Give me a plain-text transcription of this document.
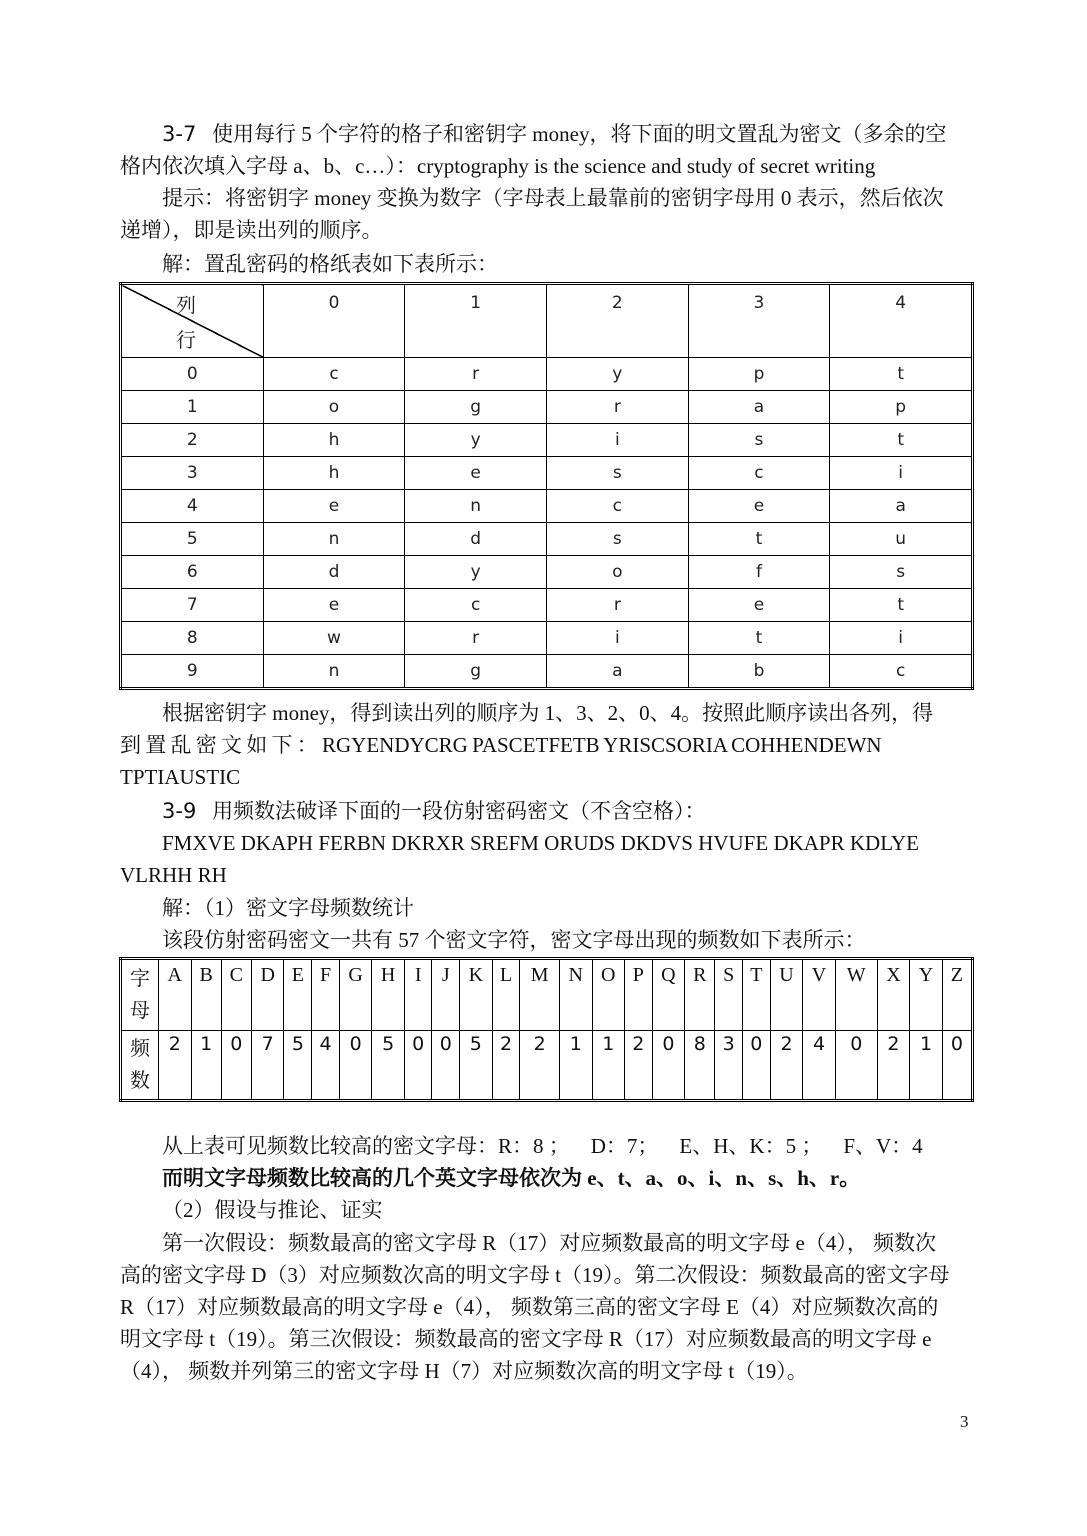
3-7 使用每行 5 个字符的格子和密钥字 money，将下面的明文置乱为密文（多余的空
格内依次填入字母 a、b、c…）：cryptography is the science and study of secret writing

提示：将密钥字 money 变换为数字（字母表上最靠前的密钥字母用 0 表示，然后依次
递增），即是读出列的顺序。

解：置乱密码的格纸表如下表所示：

列
行	0	1	2	3	4
0	c	r	y	p	t
1	o	g	r	a	p
2	h	y	i	s	t
3	h	e	s	c	i
4	e	n	c	e	a
5	n	d	s	t	u
6	d	y	o	f	s
7	e	c	r	e	t
8	w	r	i	t	i
9	n	g	a	b	c

根据密钥字 money，得到读出列的顺序为 1、3、2、0、4。按照此顺序读出各列，得
到 置 乱 密 文 如 下 ： RGYENDYCRG PASCETFETB YRISCSORIA COHHENDEWN
TPTIAUSTIC

3-9 用频数法破译下面的一段仿射密码密文（不含空格）：
FMXVE DKAPH FERBN DKRXR SREFM ORUDS DKDVS HVUFE DKAPR KDLYE
VLRHH RH

解：（1）密文字母频数统计

该段仿射密码密文一共有 57 个密文字符，密文字母出现的频数如下表所示：

字
母	A	B	C	D	E	F	G	H	I	J	K	L	M	N	O	P	Q	R	S	T	U	V	W	X	Y	Z
频
数	2	1	0	7	5	4	0	5	0	0	5	2	2	1	1	2	0	8	3	0	2	4	0	2	1	0

从上表可见频数比较高的密文字母：R：8 ；    D：7；    E、H、K：5 ；    F、V：4
而明文字母频数比较高的几个英文字母依次为 e、t、a、o、i、n、s、h、r。

（2）假设与推论、证实

第一次假设：频数最高的密文字母 R（17）对应频数最高的明文字母 e（4）， 频数次
高的密文字母 D（3）对应频数次高的明文字母 t（19）。第二次假设：频数最高的密文字母
R（17）对应频数最高的明文字母 e（4）， 频数第三高的密文字母 E（4）对应频数次高的
明文字母 t（19）。第三次假设：频数最高的密文字母 R（17）对应频数最高的明文字母 e
（4）， 频数并列第三的密文字母 H（7）对应频数次高的明文字母 t（19）。

3
